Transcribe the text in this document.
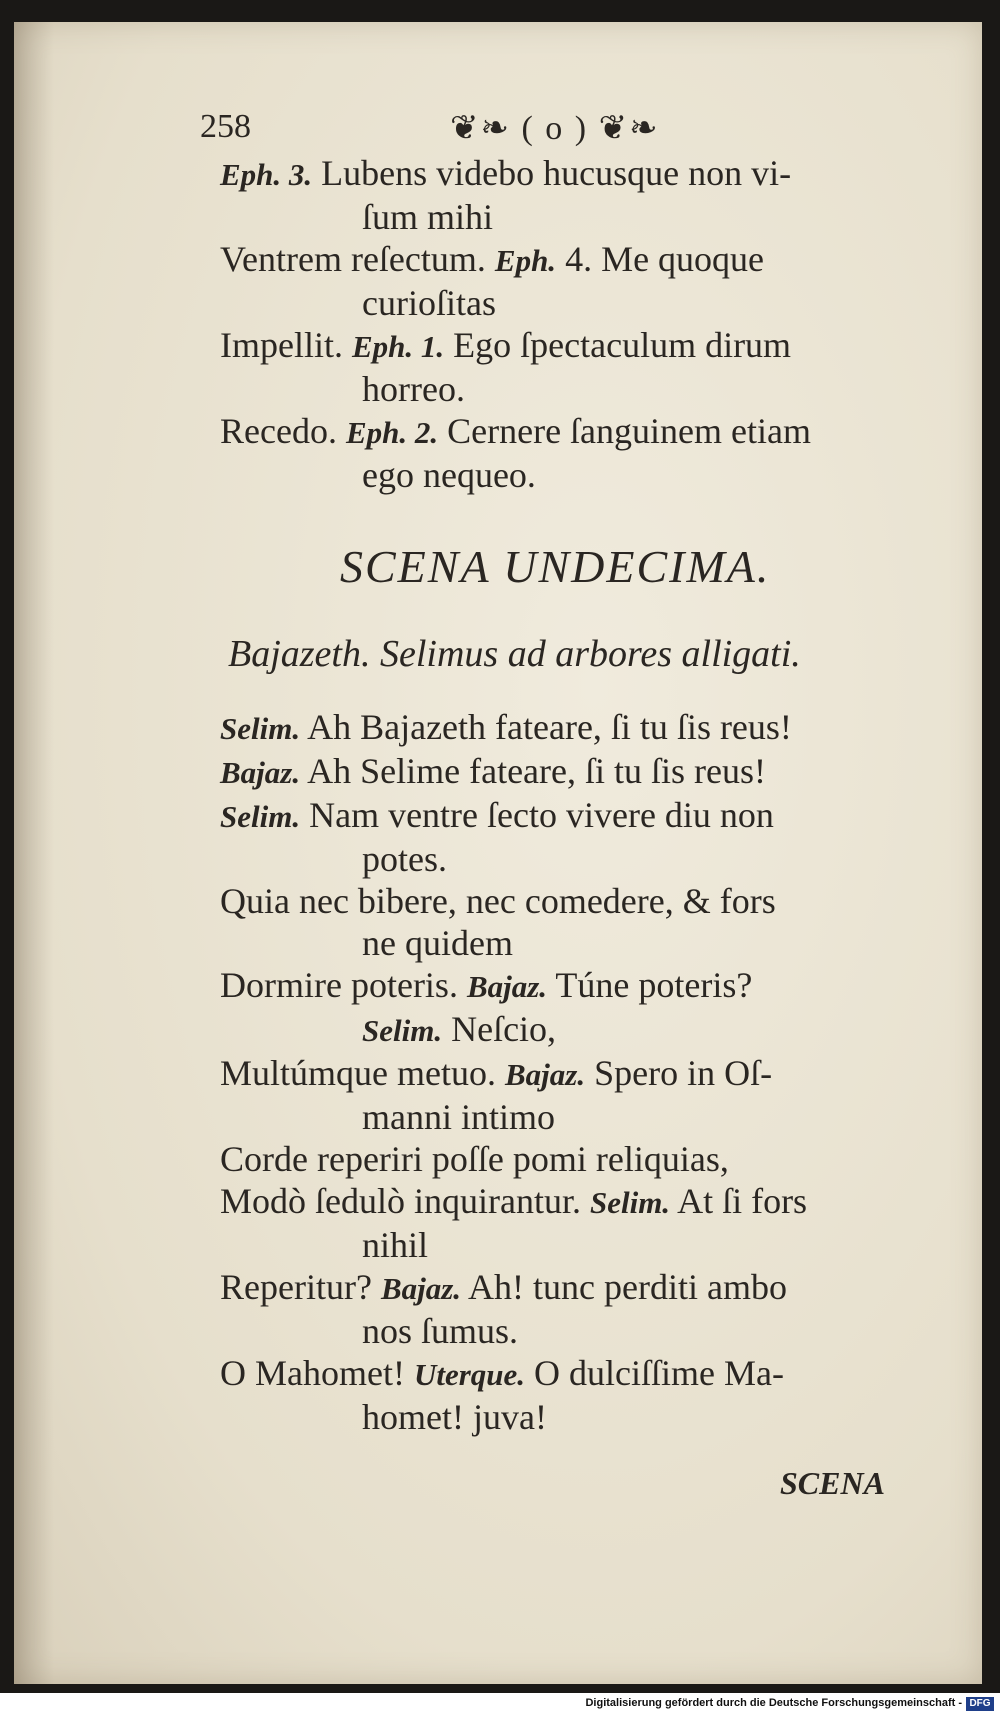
258	❦❧ ( o ) ❦❧
Eph. 3. Lubens videbo hucusque non vi-
ſum mihi
Ventrem reſectum. Eph. 4. Me quoque
curioſitas
Impellit. Eph. 1. Ego ſpectaculum dirum
horreo.
Recedo. Eph. 2. Cernere ſanguinem etiam
ego nequeo.
SCENA UNDECIMA.
Bajazeth. Selimus ad arbores alligati.
Selim. Ah Bajazeth fateare, ſi tu ſis reus!
Bajaz. Ah Selime fateare, ſi tu ſis reus!
Selim. Nam ventre ſecto vivere diu non
potes.
Quia nec bibere, nec comedere, & fors
ne quidem
Dormire poteris. Bajaz. Túne poteris?
Selim. Neſcio,
Multúmque metuo. Bajaz. Spero in Oſ-
manni intimo
Corde reperiri poſſe pomi reliquias,
Modò ſedulò inquirantur. Selim. At ſi fors
nihil
Reperitur? Bajaz. Ah! tunc perditi ambo
nos ſumus.
O Mahomet! Uterque. O dulciſſime Ma-
homet! juva!
SCENA
Digitalisierung gefördert durch die Deutsche Forschungsgemeinschaft - DFG
